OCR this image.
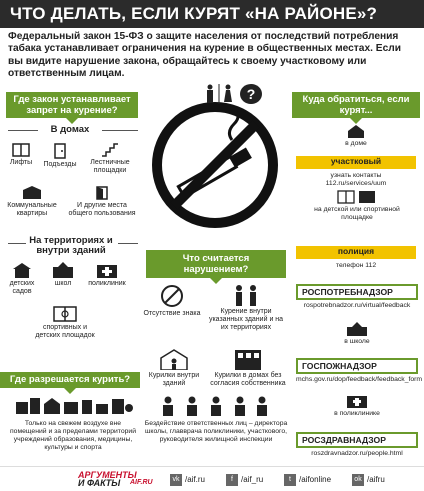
ЧТО ДЕЛАТЬ, ЕСЛИ КУРЯТ «НА РАЙОНЕ»?
Федеральный закон 15-ФЗ о защите населения от последствий потребления табака устанавливает ограничения на курение в общественных местах. Если вы видите нарушение закона, обращайтесь к своему участковому или ответственным лицам.
Где закон устанавливает запрет на курение?
В домах
Лифты	Подъезды	Лестничные площадки
Коммунальные квартиры
И другие места общего пользования
На территориях и внутри зданий
детских садов
школ	поликлиник
спортивных и детских площадок
Где разрешается курить?
Только на свежем воздухе вне помещений и за пределами территорий учреждений образования, медицины, культуры и спорта
?
Что считается нарушением?
Отсутствие знака	Курение внутри указанных зданий и на их территориях
Курилки внутри зданий
Курилки в домах без согласия собственника
Бездействие ответственных лиц – директора школы, главврача поликлиники, участкового, руководителя жилищной инспекции
Куда обратиться, если курят...
в доме
участковый
узнать контакты
112.ru/services/uum
на детской или спортивной площадке
полиция
телефон 112
РОСПОТРЕБНАДЗОР
rospotrebnadzor.ru/virtual/feedback
в школе
ГОСПОЖНАДЗОР
mchs.gov.ru/dop/feedback/feedback_form
в поликлинике
РОСЗДРАВНАДЗОР
roszdravnadzor.ru/people.html
АРГУМЕНТЫ
И ФАКТЫ	AIF.RU	vk /aif.ru	f /aif_ru	t /aifonline	ok /aifru
